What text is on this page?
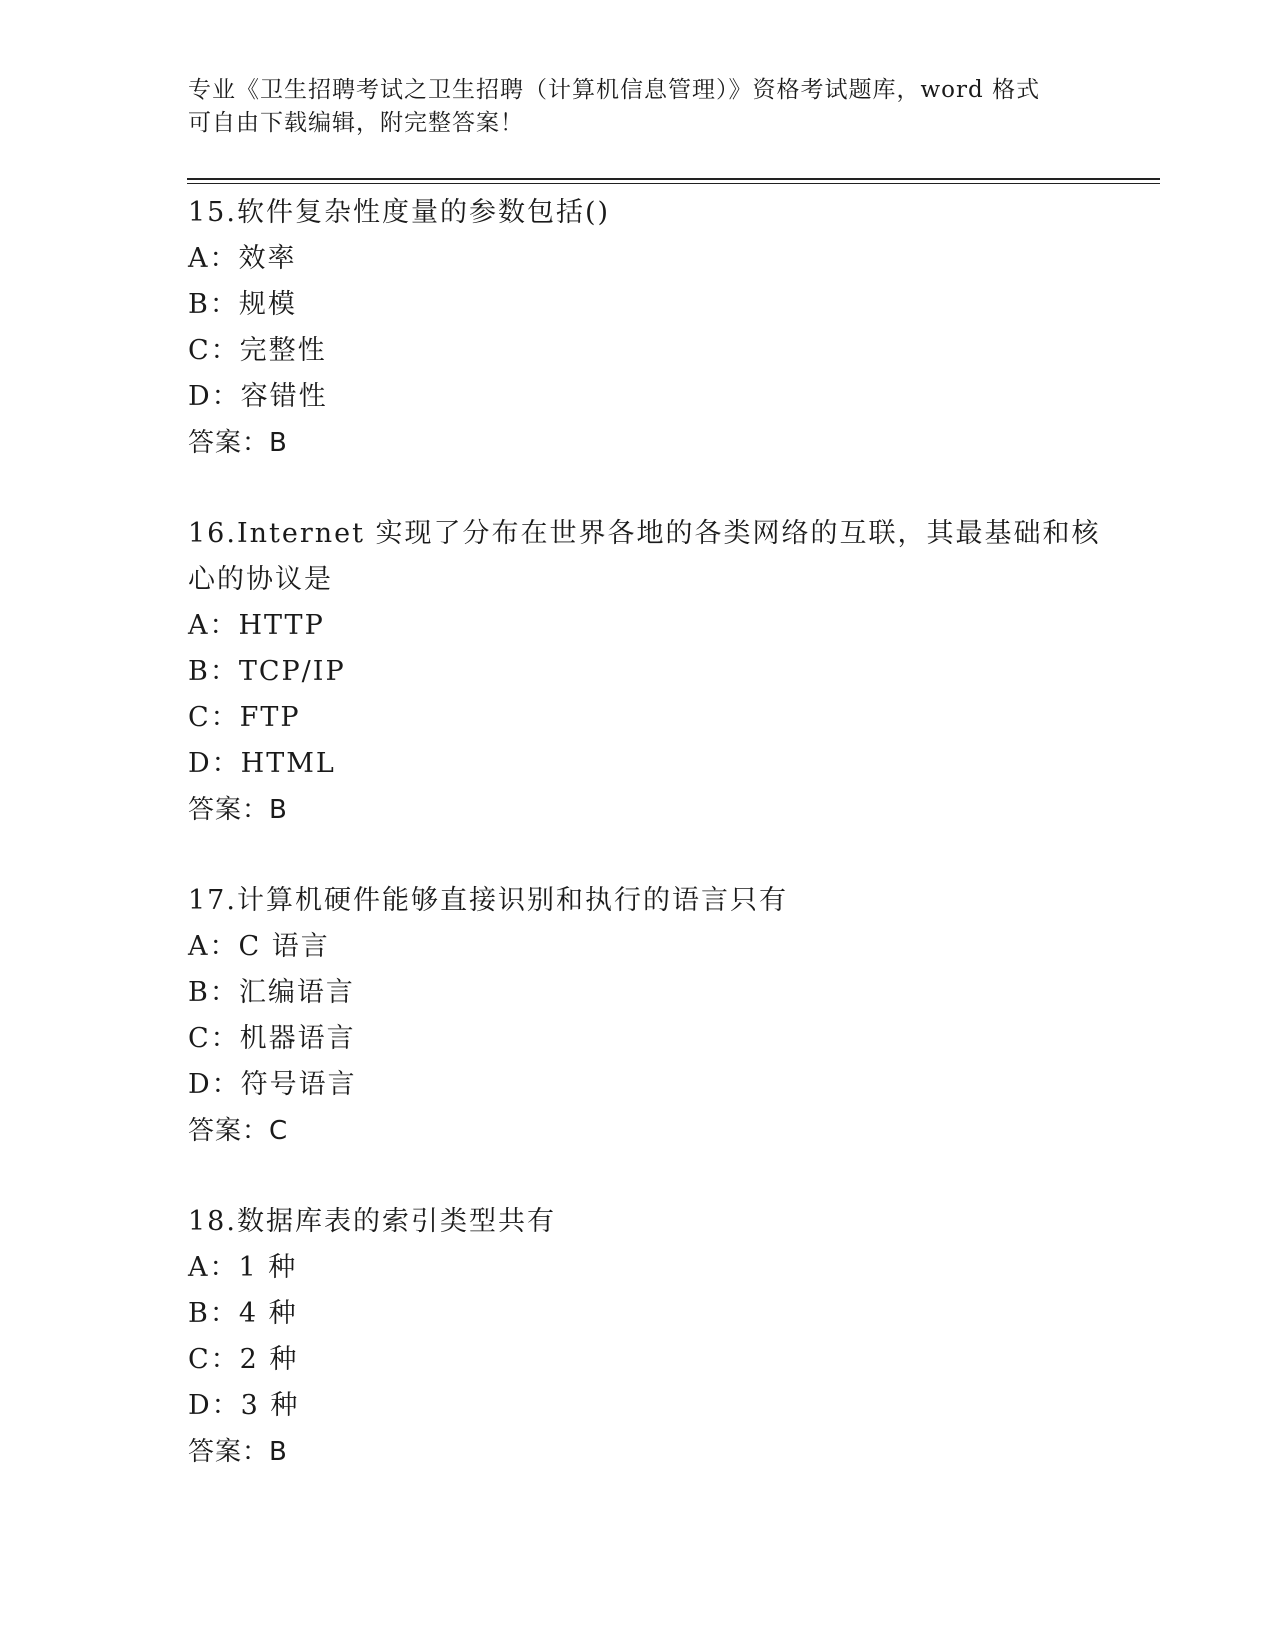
专业《卫生招聘考试之卫生招聘（计算机信息管理）》资格考试题库，word 格式
可自由下载编辑，附完整答案！
15.软件复杂性度量的参数包括()
A：效率
B：规模
C：完整性
D：容错性
答案：B
16.Internet 实现了分布在世界各地的各类网络的互联，其最基础和核
心的协议是
A：HTTP
B：TCP/IP
C：FTP
D：HTML
答案：B
17.计算机硬件能够直接识别和执行的语言只有
A：C 语言
B：汇编语言
C：机器语言
D：符号语言
答案：C
18.数据库表的索引类型共有
A：1 种
B：4 种
C：2 种
D：3 种
答案：B
